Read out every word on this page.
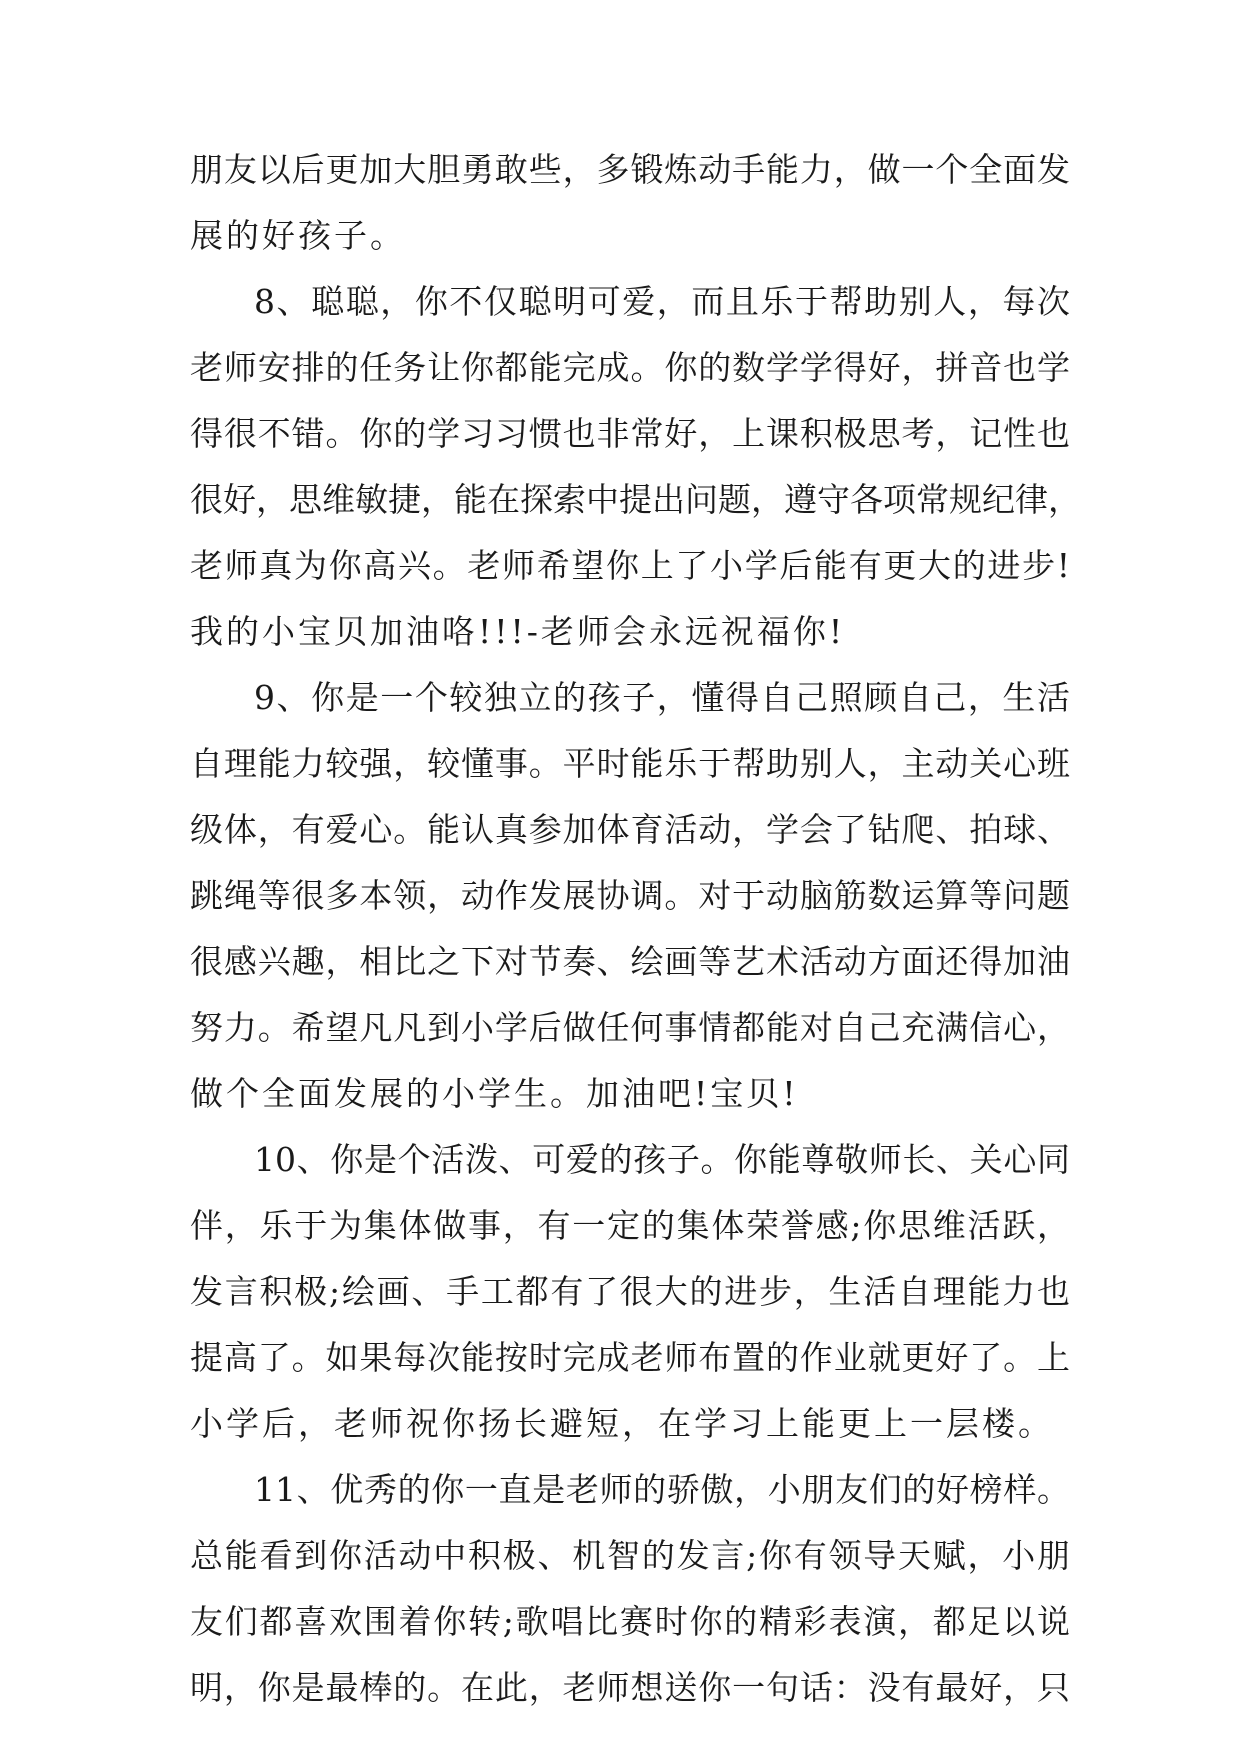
朋友以后更加大胆勇敢些，多锻炼动手能力，做一个全面发
展的好孩子。
8、聪聪，你不仅聪明可爱，而且乐于帮助别人，每次
老师安排的任务让你都能完成。你的数学学得好，拼音也学
得很不错。你的学习习惯也非常好，上课积极思考，记性也
很好，思维敏捷，能在探索中提出问题，遵守各项常规纪律，
老师真为你高兴。老师希望你上了小学后能有更大的进步!
我的小宝贝加油咯!!!-老师会永远祝福你!
9、你是一个较独立的孩子，懂得自己照顾自己，生活
自理能力较强，较懂事。平时能乐于帮助别人，主动关心班
级体，有爱心。能认真参加体育活动，学会了钻爬、拍球、
跳绳等很多本领，动作发展协调。对于动脑筋数运算等问题
很感兴趣，相比之下对节奏、绘画等艺术活动方面还得加油
努力。希望凡凡到小学后做任何事情都能对自己充满信心，
做个全面发展的小学生。加油吧!宝贝!
10、你是个活泼、可爱的孩子。你能尊敬师长、关心同
伴，乐于为集体做事，有一定的集体荣誉感;你思维活跃，
发言积极;绘画、手工都有了很大的进步，生活自理能力也
提高了。如果每次能按时完成老师布置的作业就更好了。上
小学后，老师祝你扬长避短，在学习上能更上一层楼。
11、优秀的你一直是老师的骄傲，小朋友们的好榜样。
总能看到你活动中积极、机智的发言;你有领导天赋，小朋
友们都喜欢围着你转;歌唱比赛时你的精彩表演，都足以说
明，你是最棒的。在此，老师想送你一句话：没有最好，只
